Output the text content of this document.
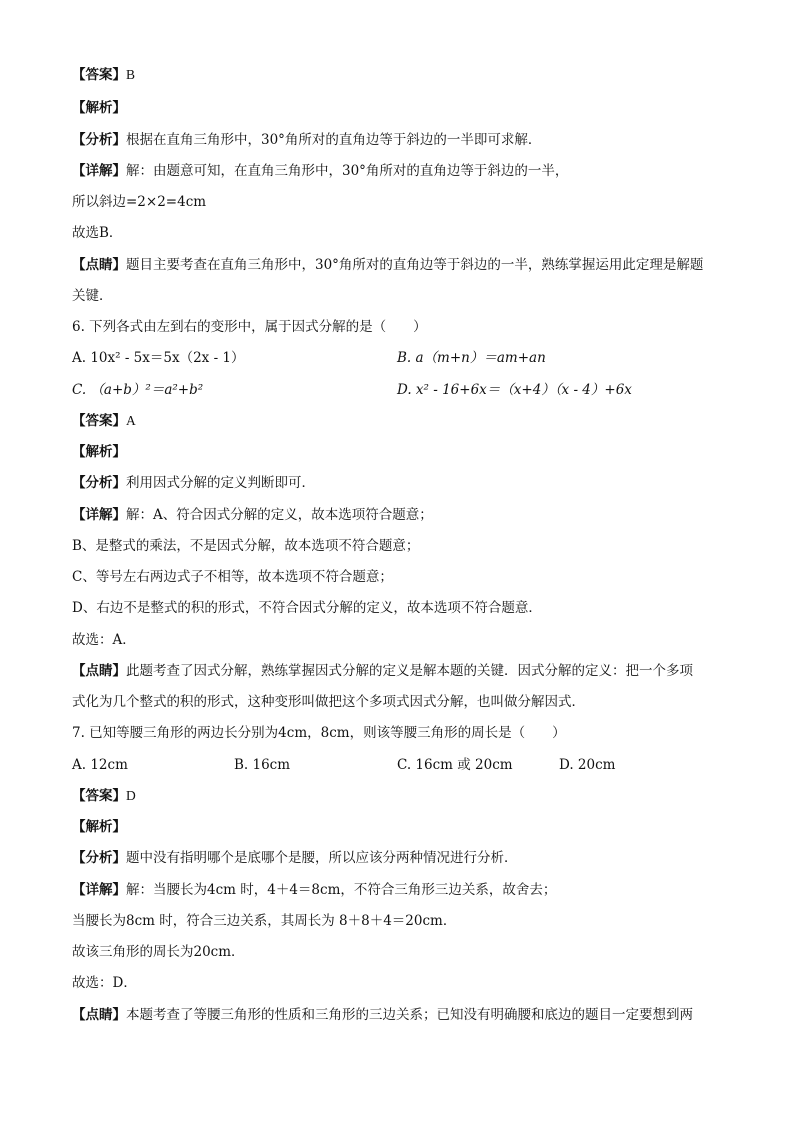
【答案】B
【解析】
【分析】根据在直角三角形中，30°角所对的直角边等于斜边的一半即可求解．
【详解】解：由题意可知，在直角三角形中，30°角所对的直角边等于斜边的一半，
所以斜边=2×2=4cm
故选B．
【点睛】题目主要考查在直角三角形中，30°角所对的直角边等于斜边的一半，熟练掌握运用此定理是解题
关键．
6. 下列各式由左到右的变形中，属于因式分解的是（　　）
A. 10x² - 5x＝5x（2x - 1）	B. a（m+n）＝am+an
C. （a+b）²＝a²+b²	D. x² - 16+6x＝（x+4）（x - 4）+6x
【答案】A
【解析】
【分析】利用因式分解的定义判断即可．
【详解】解：A、符合因式分解的定义，故本选项符合题意；
B、是整式的乘法，不是因式分解，故本选项不符合题意；
C、等号左右两边式子不相等，故本选项不符合题意；
D、右边不是整式的积的形式，不符合因式分解的定义，故本选项不符合题意．
故选：A．
【点睛】此题考查了因式分解，熟练掌握因式分解的定义是解本题的关键．因式分解的定义：把一个多项
式化为几个整式的积的形式，这种变形叫做把这个多项式因式分解，也叫做分解因式．
7. 已知等腰三角形的两边长分别为4cm，8cm，则该等腰三角形的周长是（　　）
A. 12cm	B. 16cm	C. 16cm 或 20cm	D. 20cm
【答案】D
【解析】
【分析】题中没有指明哪个是底哪个是腰，所以应该分两种情况进行分析．
【详解】解：当腰长为4cm 时，4＋4＝8cm，不符合三角形三边关系，故舍去；
当腰长为8cm 时，符合三边关系，其周长为 8＋8＋4＝20cm．
故该三角形的周长为20cm．
故选：D．
【点睛】本题考查了等腰三角形的性质和三角形的三边关系；已知没有明确腰和底边的题目一定要想到两
